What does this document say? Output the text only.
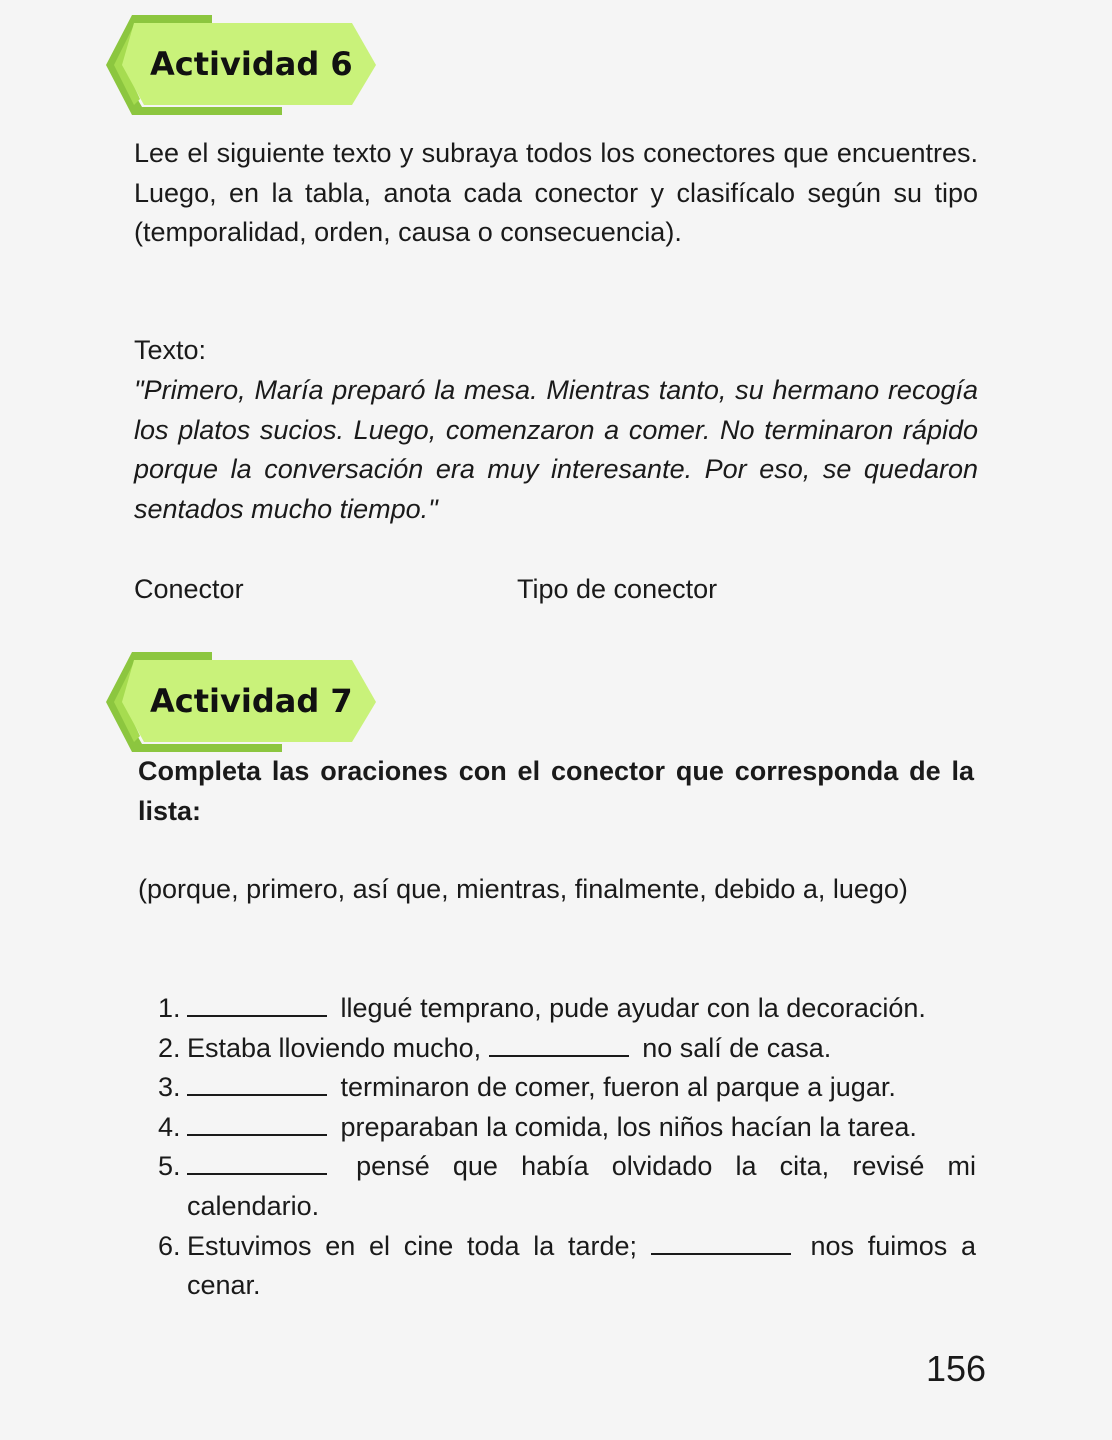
Actividad 6
Lee el siguiente texto y subraya todos los conectores que encuentres. Luego, en la tabla, anota cada conector y clasifícalo según su tipo (temporalidad, orden, causa o consecuencia).
Texto:
"Primero, María preparó la mesa. Mientras tanto, su hermano recogía los platos sucios. Luego, comenzaron a comer. No terminaron rápido porque la conversación era muy interesante. Por eso, se quedaron sentados mucho tiempo."
Conector	Tipo de conector
Actividad 7
Completa las oraciones con el conector que corresponda de la lista:
(porque, primero, así que, mientras, finalmente, debido a, luego)
1.	llegué temprano, pude ayudar con la decoración.
2. Estaba lloviendo mucho,	no salí de casa.
3.	terminaron de comer, fueron al parque a jugar.
4.	preparaban la comida, los niños hacían la tarea.
5.	pensé que había olvidado la cita, revisé mi calendario.
6. Estuvimos en el cine toda la tarde;	nos fuimos a cenar.
156
